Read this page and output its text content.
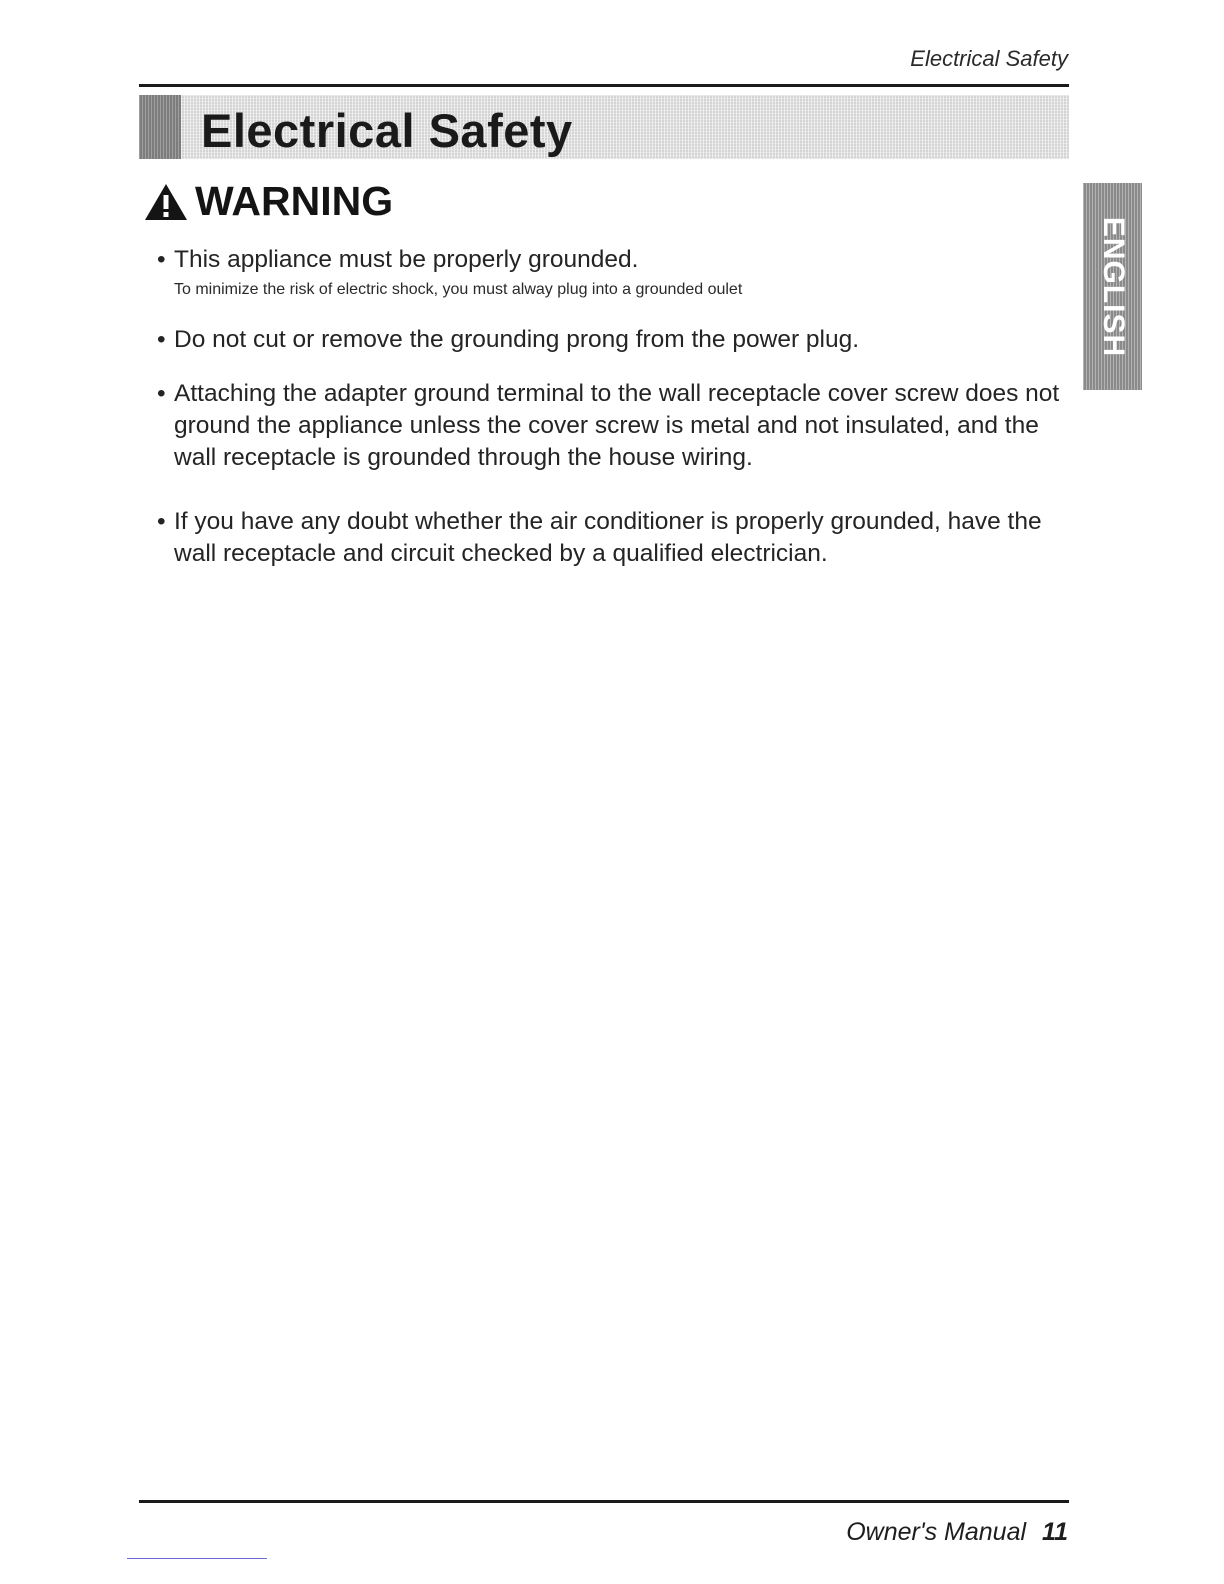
Electrical Safety
Electrical Safety
WARNING
• This appliance must be properly grounded.
To minimize the risk of electric shock, you must alway plug into a grounded oulet
• Do not cut or remove the grounding prong from the power plug.
• Attaching the adapter ground terminal to the wall receptacle cover screw does not ground the appliance unless the cover screw is metal and not insulated, and the wall receptacle is grounded through the house wiring.
• If you have any doubt whether the air conditioner is properly grounded, have the wall receptacle and circuit checked by a qualified electrician.
ENGLISH
Owner's Manual 11
